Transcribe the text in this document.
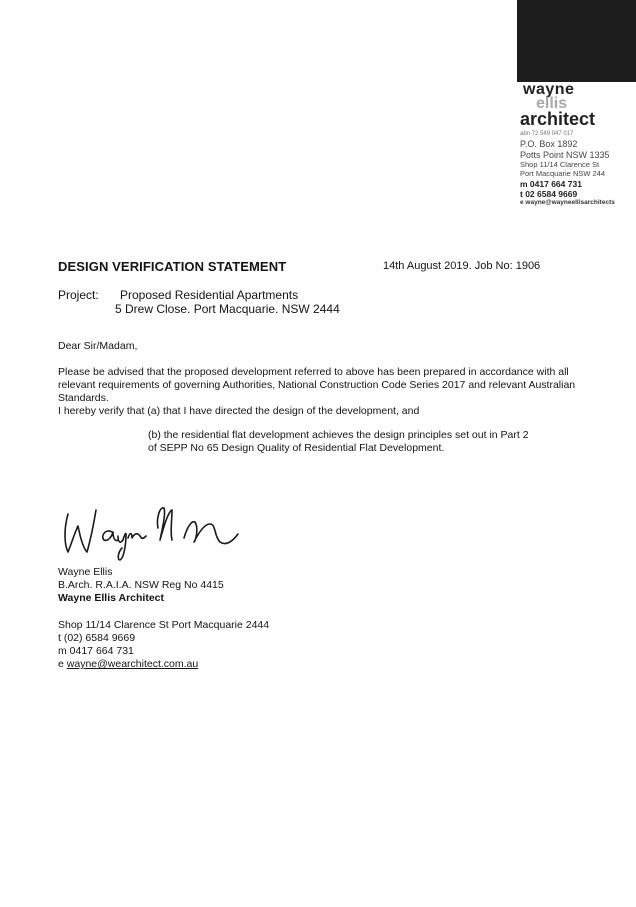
wayne
ellis
architect
abn 72 549 047 017
P.O. Box 1892
Potts Point NSW 1335
Shop 11/14 Clarence St
Port Macquarie NSW 244
m 0417 664 731
t 02 6584 9669
e wayne@wayneellisarchitects
DESIGN VERIFICATION STATEMENT	14th August 2019. Job No: 1906
Project: Proposed Residential Apartments
5 Drew Close. Port Macquarie. NSW 2444
Dear Sir/Madam,
Please be advised that the proposed development referred to above has been prepared in accordance with all
relevant requirements of governing Authorities, National Construction Code Series 2017 and relevant Australian
Standards.
I hereby verify that (a) that I have directed the design of the development, and
(b) the residential flat development achieves the design principles set out in Part 2
of SEPP No 65 Design Quality of Residential Flat Development.
Wayne Ellis
B.Arch. R.A.I.A. NSW Reg No 4415
Wayne Ellis Architect
Shop 11/14 Clarence St Port Macquarie 2444
t (02) 6584 9669
m 0417 664 731
e wayne@wearchitect.com.au
